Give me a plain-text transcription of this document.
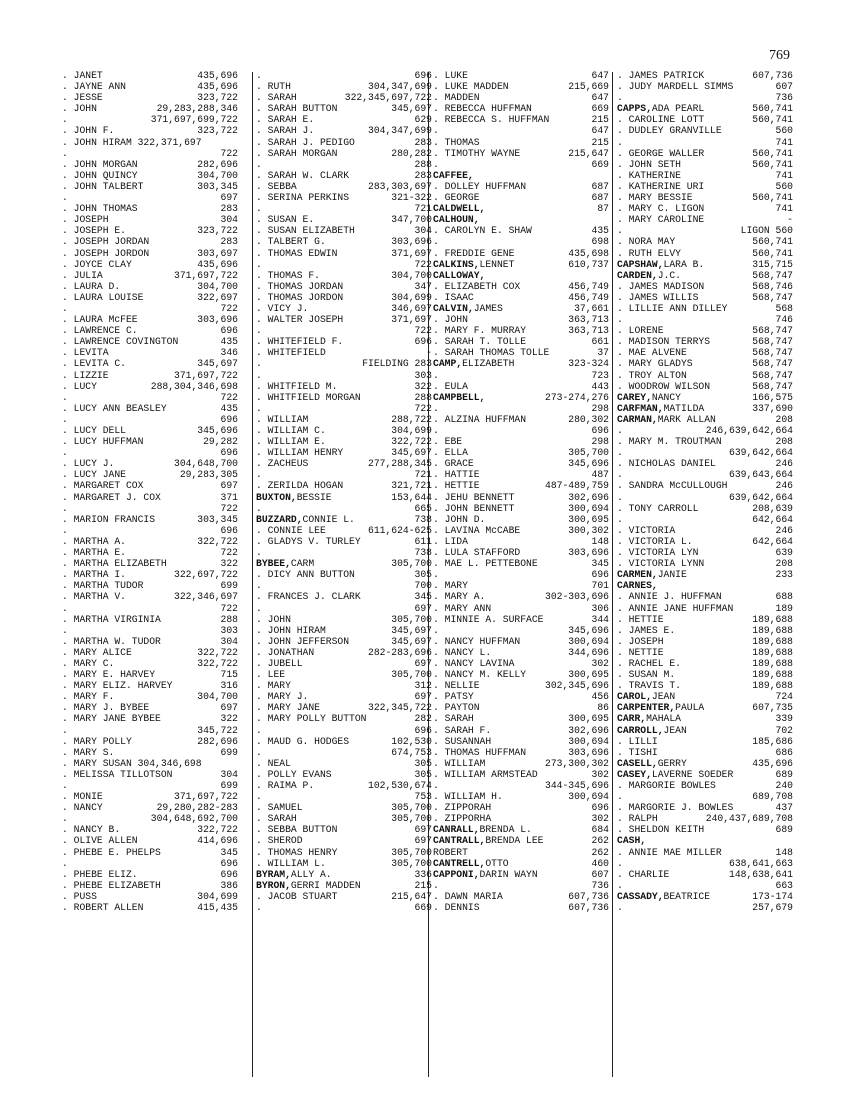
769
. JANET	435,696
. JAYNE ANN	435,696
. JESSE	323,722
. JOHN	29,283,288,346
.	371,697,699,722
. JOHN F.	323,722
. JOHN HIRAM 322,371,697
.	722
. JOHN MORGAN	282,696
. JOHN QUINCY	304,700
. JOHN TALBERT	303,345
.	697
. JOHN THOMAS	283
. JOSEPH	304
. JOSEPH E.	323,722
. JOSEPH JORDAN	283
. JOSEPH JORDON	303,697
. JOYCE CLAY	435,696
. JULIA	371,697,722
. LAURA D.	304,700
. LAURA LOUISE	322,697
.	722
. LAURA McFEE	303,696
. LAWRENCE C.	696
. LAWRENCE COVINGTON	435
. LEVITA	346
. LEVITA C.	345,697
. LIZZIE	371,697,722
. LUCY	288,304,346,698
.	722
. LUCY ANN BEASLEY	435
.	696
. LUCY DELL	345,696
. LUCY HUFFMAN	29,282
.	696
. LUCY J.	304,648,700
. LUCY JANE	29,283,305
. MARGARET COX	697
. MARGARET J. COX	371
.	722
. MARION FRANCIS	303,345
.	696
. MARTHA A.	322,722
. MARTHA E.	722
. MARTHA ELIZABETH	322
. MARTHA I.	322,697,722
. MARTHA TUDOR	699
. MARTHA V.	322,346,697
.	722
. MARTHA VIRGINIA	288
.	303
. MARTHA W. TUDOR	304
. MARY ALICE	322,722
. MARY C.	322,722
. MARY E. HARVEY	715
. MARY ELIZ. HARVEY	316
. MARY F.	304,700
. MARY J. BYBEE	697
. MARY JANE BYBEE	322
.	345,722
. MARY POLLY	282,696
. MARY S.	699
. MARY SUSAN 304,346,698
. MELISSA TILLOTSON	304
.	699
. MONIE	371,697,722
. NANCY	29,280,282-283
.	304,648,692,700
. NANCY B.	322,722
. OLIVE ALLEN	414,696
. PHEBE E. PHELPS	345
.	696
. PHEBE ELIZ.	696
. PHEBE ELIZABETH	386
. PUSS	304,699
. ROBERT ALLEN	415,435
.	696
. RUTH	304,347,699
. SARAH	322,345,697,722
. SARAH BUTTON	345,697
. SARAH E.	629
. SARAH J.	304,347,699
. SARAH J. PEDIGO	283
. SARAH MORGAN	280,282
.	288
. SARAH W. CLARK	283
. SEBBA	283,303,697
. SERINA PERKINS	321-322
.	721
. SUSAN E.	347,700
. SUSAN ELIZABETH	304
. TALBERT G.	303,696
. THOMAS EDWIN	371,697
.	722
. THOMAS F.	304,700
. THOMAS JORDAN	347
. THOMAS JORDON	304,699
. VICY J.	346,697
. WALTER JOSEPH	371,697
.	722
. WHITEFIELD F.	696
. WHITEFIELD	-
.	FIELDING 283
.	303
. WHITFIELD M.	322
. WHITFIELD MORGAN	288
.	722
. WILLIAM	288,722
. WILLIAM C.	304,699
. WILLIAM E.	322,722
. WILLIAM HENRY	345,697
. ZACHEUS	277,288,345
.	721
. ZERILDA HOGAN	321,721
BUXTON,BESSIE	153,644
.	665
BUZZARD,CONNIE L.	738
. CONNIE LEE	611,624-625
. GLADYS V. TURLEY	611
.	738
BYBEE,CARM	305,700
. DICY ANN BUTTON	305
.	700
. FRANCES J. CLARK	345
.	697
. JOHN	305,700
. JOHN HIRAM	345,697
. JOHN JEFFERSON	345,697
. JONATHAN	282-283,696
. JUBELL	697
. LEE	305,700
. MARY	312
. MARY J.	697
. MARY JANE	322,345,722
. MARY POLLY BUTTON	282
.	696
. MAUD G. HODGES	102,530
.	674,753
. NEAL	305
. POLLY EVANS	305
. RAIMA P.	102,530,674
.	753
. SAMUEL	305,700
. SARAH	305,700
. SEBBA BUTTON	697
. SHEROD	697
. THOMAS HENRY	305,700
. WILLIAM L.	305,700
BYRAM,ALLY A.	336
BYRON,GERRI MADDEN	215
. JACOB STUART	215,647
.	669
. LUKE	647
. LUKE MADDEN	215,669
. MADDEN	647
. REBECCA HUFFMAN	669
. REBECCA S. HUFFMAN	215
.	647
. THOMAS	215
. TIMOTHY WAYNE	215,647
.	669
CAFFEE,
. DOLLEY HUFFMAN	687
. GEORGE	687
CALDWELL,	87
CALHOUN,
. CAROLYN E. SHAW	435
.	698
. FREDDIE GENE	435,698
CALKINS,LENNET	610,737
CALLOWAY,
. ELIZABETH COX	456,749
. ISAAC	456,749
CALVIN,JAMES	37,661
. JOHN	363,713
. MARY F. MURRAY	363,713
. SARAH T. TOLLE	661
. SARAH THOMAS TOLLE	37
CAMP,ELIZABETH	323-324
.	723
. EULA	443
CAMPBELL,	273-274,276
.	298
. ALZINA HUFFMAN	280,302
.	696
. EBE	298
. ELLA	305,700
. GRACE	345,696
. HATTIE	487
. HETTIE	487-489,759
. JEHU BENNETT	302,696
. JOHN BENNETT	300,694
. JOHN D.	300,695
. LAVINA McCABE	300,302
. LIDA	148
. LULA STAFFORD	303,696
. MAE L. PETTEBONE	345
.	696
. MARY	701
. MARY A.	302-303,696
. MARY ANN	306
. MINNIE A. SURFACE	344
.	345,696
. NANCY HUFFMAN	300,694
. NANCY L.	344,696
. NANCY LAVINA	302
. NANCY M. KELLY	300,695
. NELLIE	302,345,696
. PATSY	456
. PAYTON	86
. SARAH	300,695
. SARAH F.	302,696
. SUSANNAH	300,694
. THOMAS HUFFMAN	303,696
. WILLIAM	273,300,302
. WILLIAM ARMSTEAD	302
.	344-345,696
. WILLIAM H.	300,694
. ZIPPORAH	696
. ZIPPORHA	302
CANRALL,BRENDA L.	684
CANTRALL,BRENDA LEE	262
ROBERT	262
CANTRELL,OTTO	460
CAPPONI,DARIN WAYN	607
.	736
. DAWN MARIA	607,736
. DENNIS	607,736
. JAMES PATRICK	607,736
. JUDY MARDELL SIMMS	607
.	736
CAPPS,ADA PEARL	560,741
. CAROLINE LOTT	560,741
. DUDLEY GRANVILLE	560
.	741
. GEORGE WALLER	560,741
. JOHN SETH	560,741
. KATHERINE	741
. KATHERINE URI	560
. MARY BESSIE	560,741
. MARY C. LIGON	741
. MARY CAROLINE	-
.	LIGON 560
. NORA MAY	560,741
. RUTH ELVY	560,741
CAPSHAW,LARA B.	315,715
CARDEN,J.C.	568,747
. JAMES MADISON	568,746
. JAMES WILLIS	568,747
. LILLIE ANN DILLEY	568
.	746
. LORENE	568,747
. MADISON TERRYS	568,747
. MAE ALVENE	568,747
. MARY GLADYS	568,747
. TROY ALTON	568,747
. WOODROW WILSON	568,747
CAREY,NANCY	166,575
CARFMAN,MATILDA	337,690
CARMAN,MARK ALLAN	208
.	246,639,642,664
. MARY M. TROUTMAN	208
.	639,642,664
. NICHOLAS DANIEL	246
.	639,643,664
. SANDRA McCULLOUGH	246
.	639,642,664
. TONY CARROLL	208,639
.	642,664
. VICTORIA	246
. VICTORIA L.	642,664
. VICTORIA LYN	639
. VICTORIA LYNN	208
CARMEN,JANIE	233
CARNES,
. ANNIE J. HUFFMAN	688
. ANNIE JANE HUFFMAN	189
. HETTIE	189,688
. JAMES E.	189,688
. JOSEPH	189,688
. NETTIE	189,688
. RACHEL E.	189,688
. SUSAN M.	189,688
. TRAVIS T.	189,688
CAROL,JEAN	724
CARPENTER,PAULA	607,735
CARR,MAHALA	339
CARROLL,JEAN	702
. LILLI	185,686
. TISHI	686
CASELL,GERRY	435,696
CASEY,LAVERNE SOEDER	689
. MARGORIE BOWLES	240
.	689,708
. MARGORIE J. BOWLES	437
. RALPH	240,437,689,708
. SHELDON KEITH	689
CASH,
. ANNIE MAE MILLER	148
.	638,641,663
. CHARLIE	148,638,641
.	663
CASSADY,BEATRICE	173-174
.	257,679
